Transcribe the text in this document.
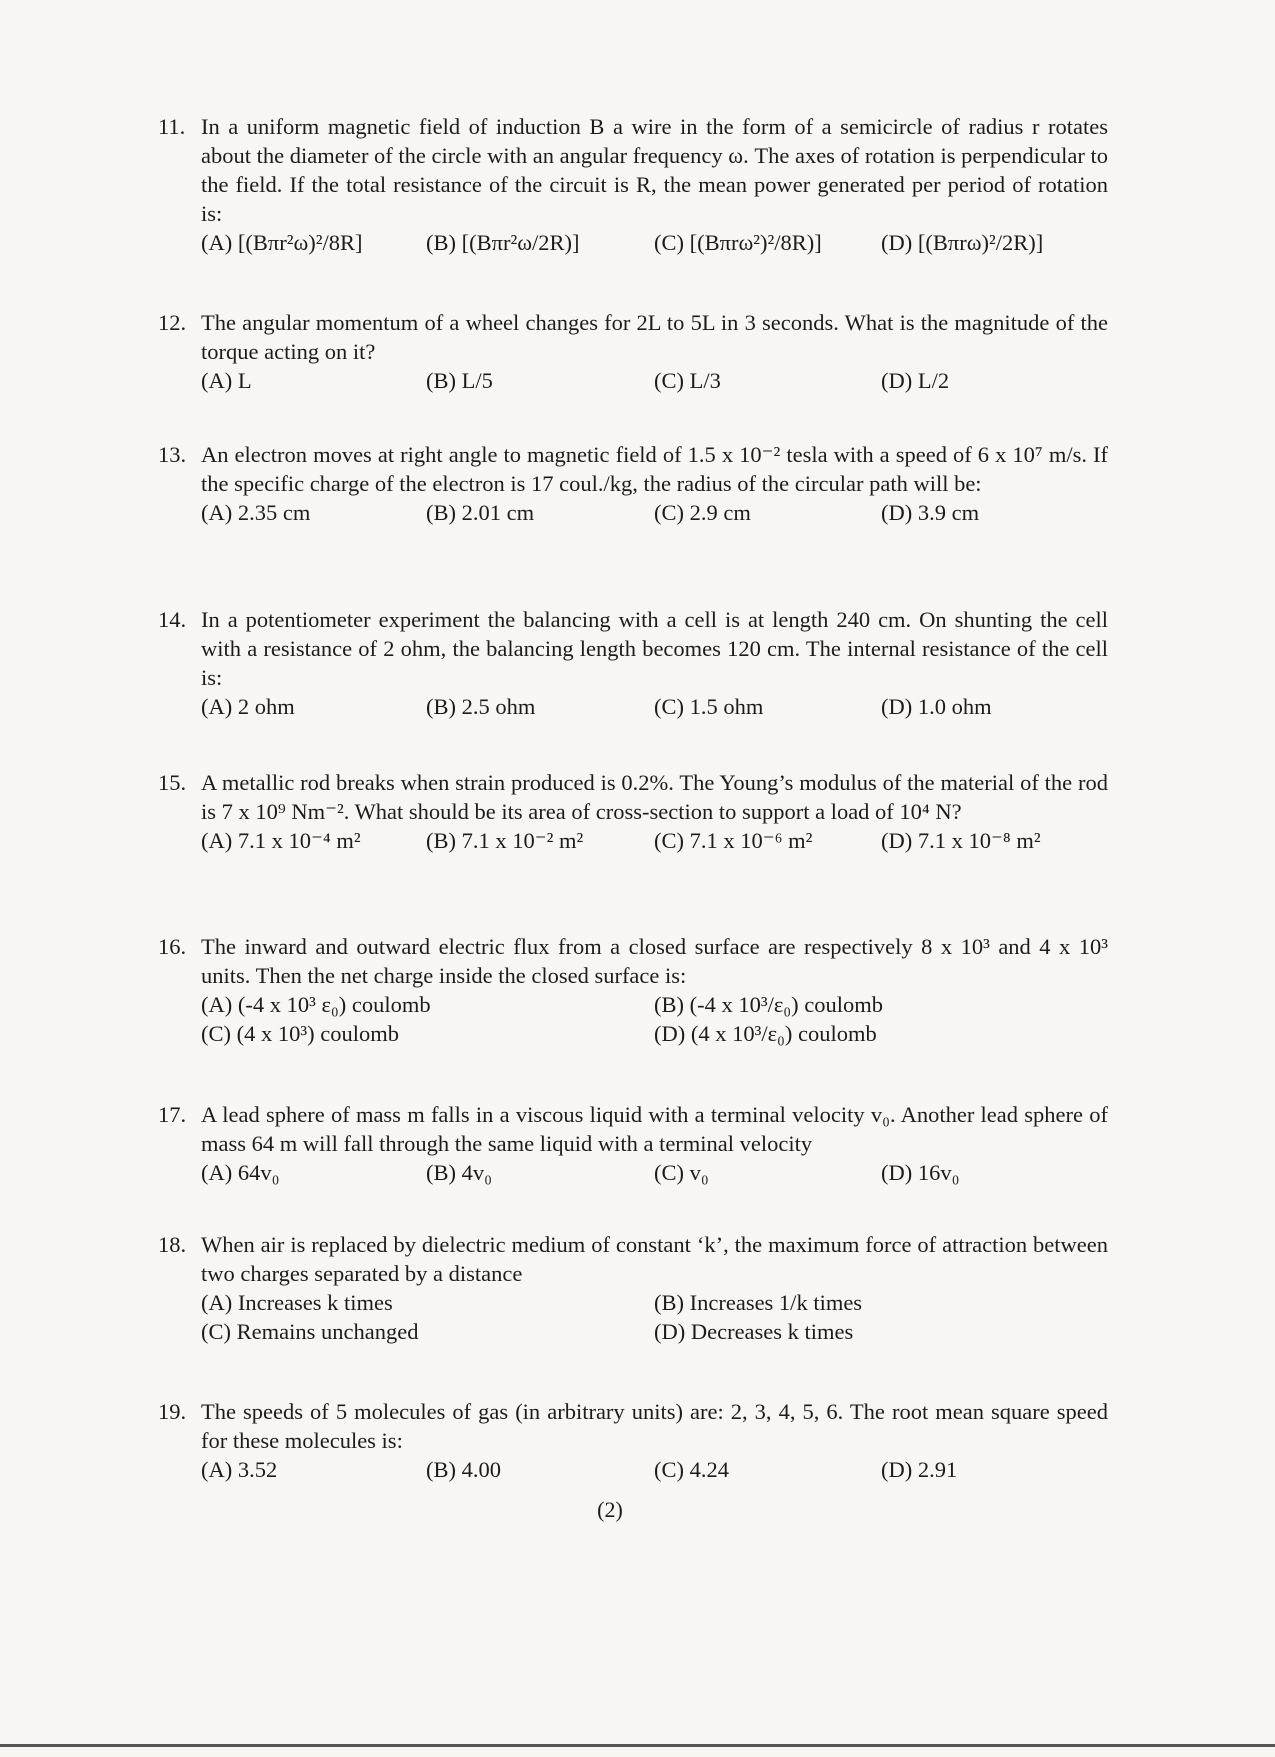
11. In a uniform magnetic field of induction B a wire in the form of a semicircle of radius r rotates about the diameter of the circle with an angular frequency ω. The axes of rotation is perpendicular to the field. If the total resistance of the circuit is R, the mean power generated per period of rotation is:
(A) [(Bπr²ω)²/8R]	(B) [(Bπr²ω/2R)]	(C) [(Bπrω²)²/8R)]	(D) [(Bπrω)²/2R)]
12. The angular momentum of a wheel changes for 2L to 5L in 3 seconds. What is the magnitude of the torque acting on it?
(A) L	(B) L/5	(C) L/3	(D) L/2
13. An electron moves at right angle to magnetic field of 1.5 x 10⁻² tesla with a speed of 6 x 10⁷ m/s. If the specific charge of the electron is 17 coul./kg, the radius of the circular path will be:
(A) 2.35 cm	(B) 2.01 cm	(C) 2.9 cm	(D) 3.9 cm
14. In a potentiometer experiment the balancing with a cell is at length 240 cm. On shunting the cell with a resistance of 2 ohm, the balancing length becomes 120 cm. The internal resistance of the cell is:
(A) 2 ohm	(B) 2.5 ohm	(C) 1.5 ohm	(D) 1.0 ohm
15. A metallic rod breaks when strain produced is 0.2%. The Young’s modulus of the material of the rod is 7 x 10⁹ Nm⁻². What should be its area of cross-section to support a load of 10⁴ N?
(A) 7.1 x 10⁻⁴ m²	(B) 7.1 x 10⁻² m²	(C) 7.1 x 10⁻⁶ m²	(D) 7.1 x 10⁻⁸ m²
16. The inward and outward electric flux from a closed surface are respectively 8 x 10³ and 4 x 10³ units. Then the net charge inside the closed surface is:
(A) (-4 x 10³ ε₀) coulomb	(B) (-4 x 10³/ε₀) coulomb
(C) (4 x 10³) coulomb	(D) (4 x 10³/ε₀) coulomb
17. A lead sphere of mass m falls in a viscous liquid with a terminal velocity v₀. Another lead sphere of mass 64 m will fall through the same liquid with a terminal velocity
(A) 64v₀	(B) 4v₀	(C) v₀	(D) 16v₀
18. When air is replaced by dielectric medium of constant ‘k’, the maximum force of attraction between two charges separated by a distance
(A) Increases k times	(B) Increases 1/k times
(C) Remains unchanged	(D) Decreases k times
19. The speeds of 5 molecules of gas (in arbitrary units) are: 2, 3, 4, 5, 6. The root mean square speed for these molecules is:
(A) 3.52	(B) 4.00	(C) 4.24	(D) 2.91
(2)
